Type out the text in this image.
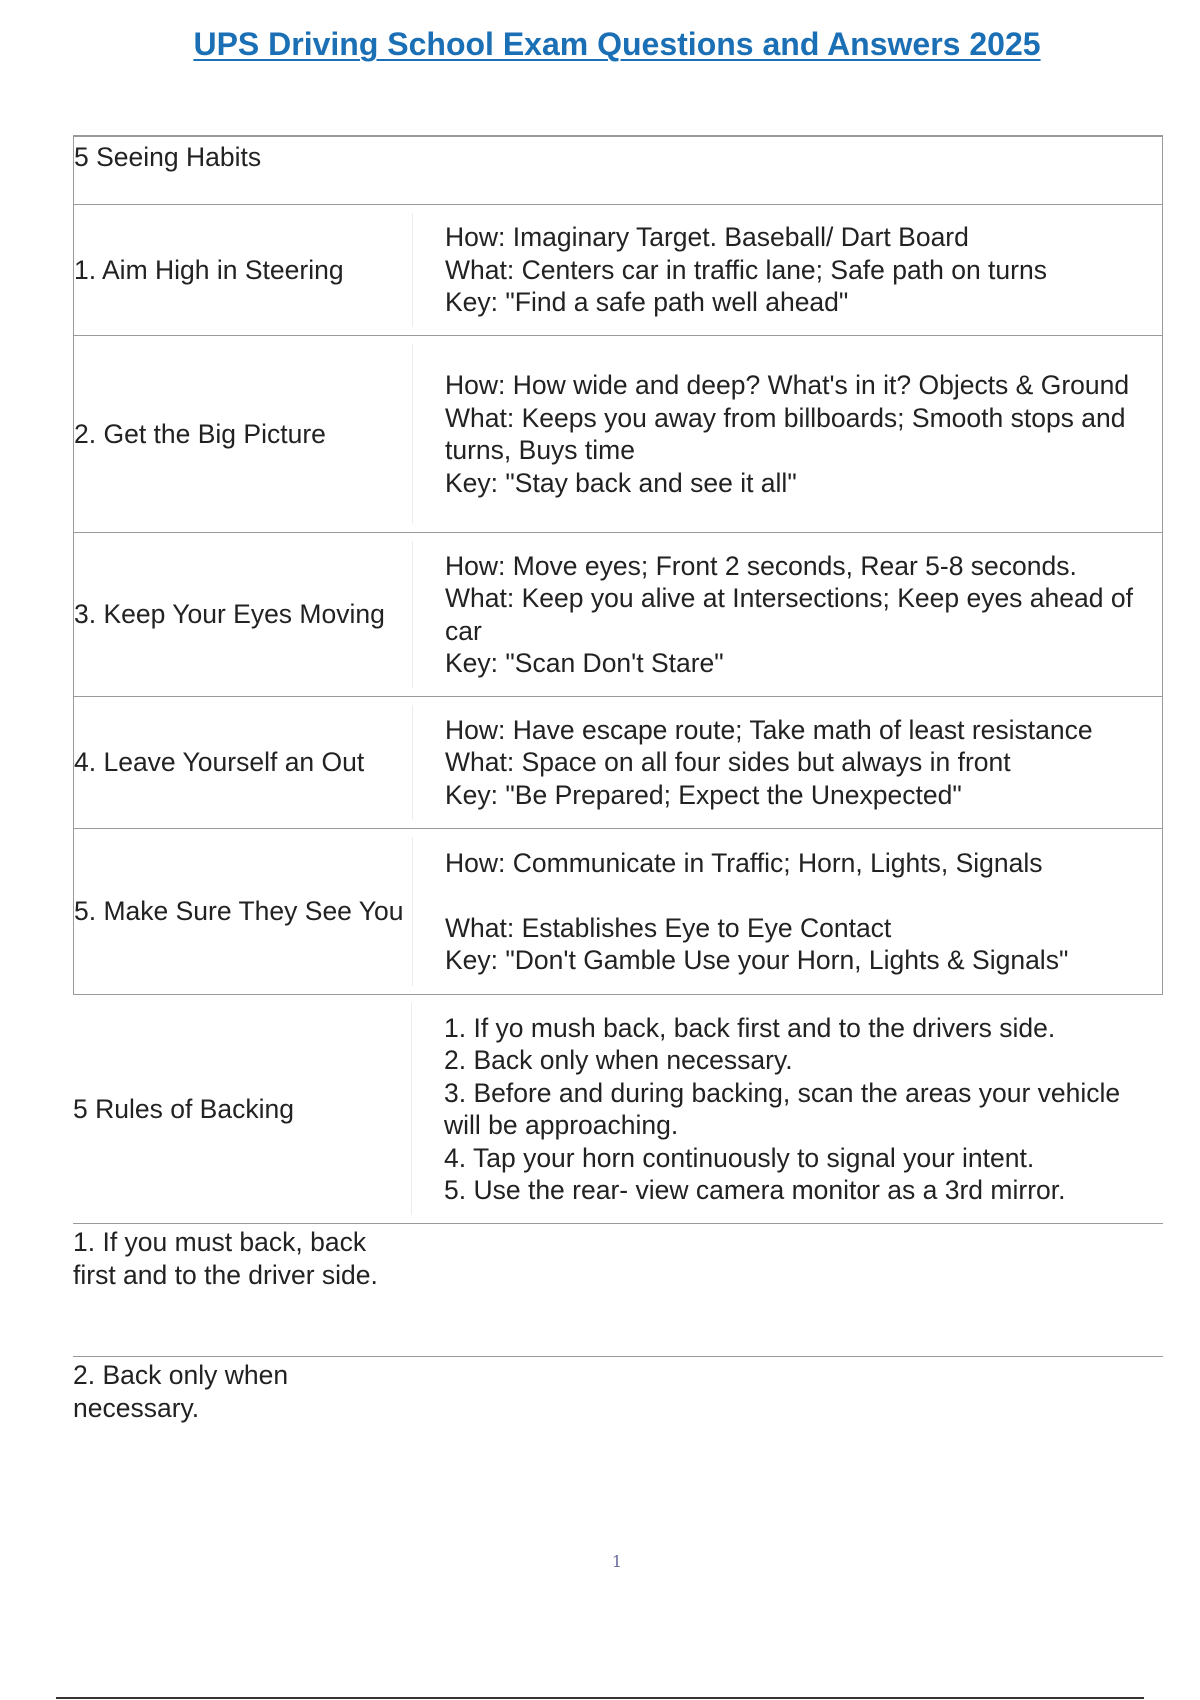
UPS Driving School Exam Questions and Answers 2025
5 Seeing Habits
1. Aim High in Steering
How: Imaginary Target. Baseball/ Dart Board
What: Centers car in traffic lane; Safe path on turns
Key: "Find a safe path well ahead"
2. Get the Big Picture
How: How wide and deep? What's in it? Objects & Ground
What: Keeps you away from billboards; Smooth stops and turns, Buys time
Key: "Stay back and see it all"
3. Keep Your Eyes Moving
How: Move eyes; Front 2 seconds, Rear 5-8 seconds.
What: Keep you alive at Intersections; Keep eyes ahead of car
Key: "Scan Don't Stare"
4. Leave Yourself an Out
How: Have escape route; Take math of least resistance
What: Space on all four sides but always in front
Key: "Be Prepared; Expect the Unexpected"
5. Make Sure They See You
How: Communicate in Traffic; Horn, Lights, Signals
What: Establishes Eye to Eye Contact
Key: "Don't Gamble Use your Horn, Lights & Signals"
5 Rules of Backing
1. If yo mush back, back first and to the drivers side.
2. Back only when necessary.
3. Before and during backing, scan the areas your vehicle will be approaching.
4. Tap your horn continuously to signal your intent.
5. Use the rear- view camera monitor as a 3rd mirror.
1. If you must back, back first and to the driver side.
2. Back only when necessary.
1
